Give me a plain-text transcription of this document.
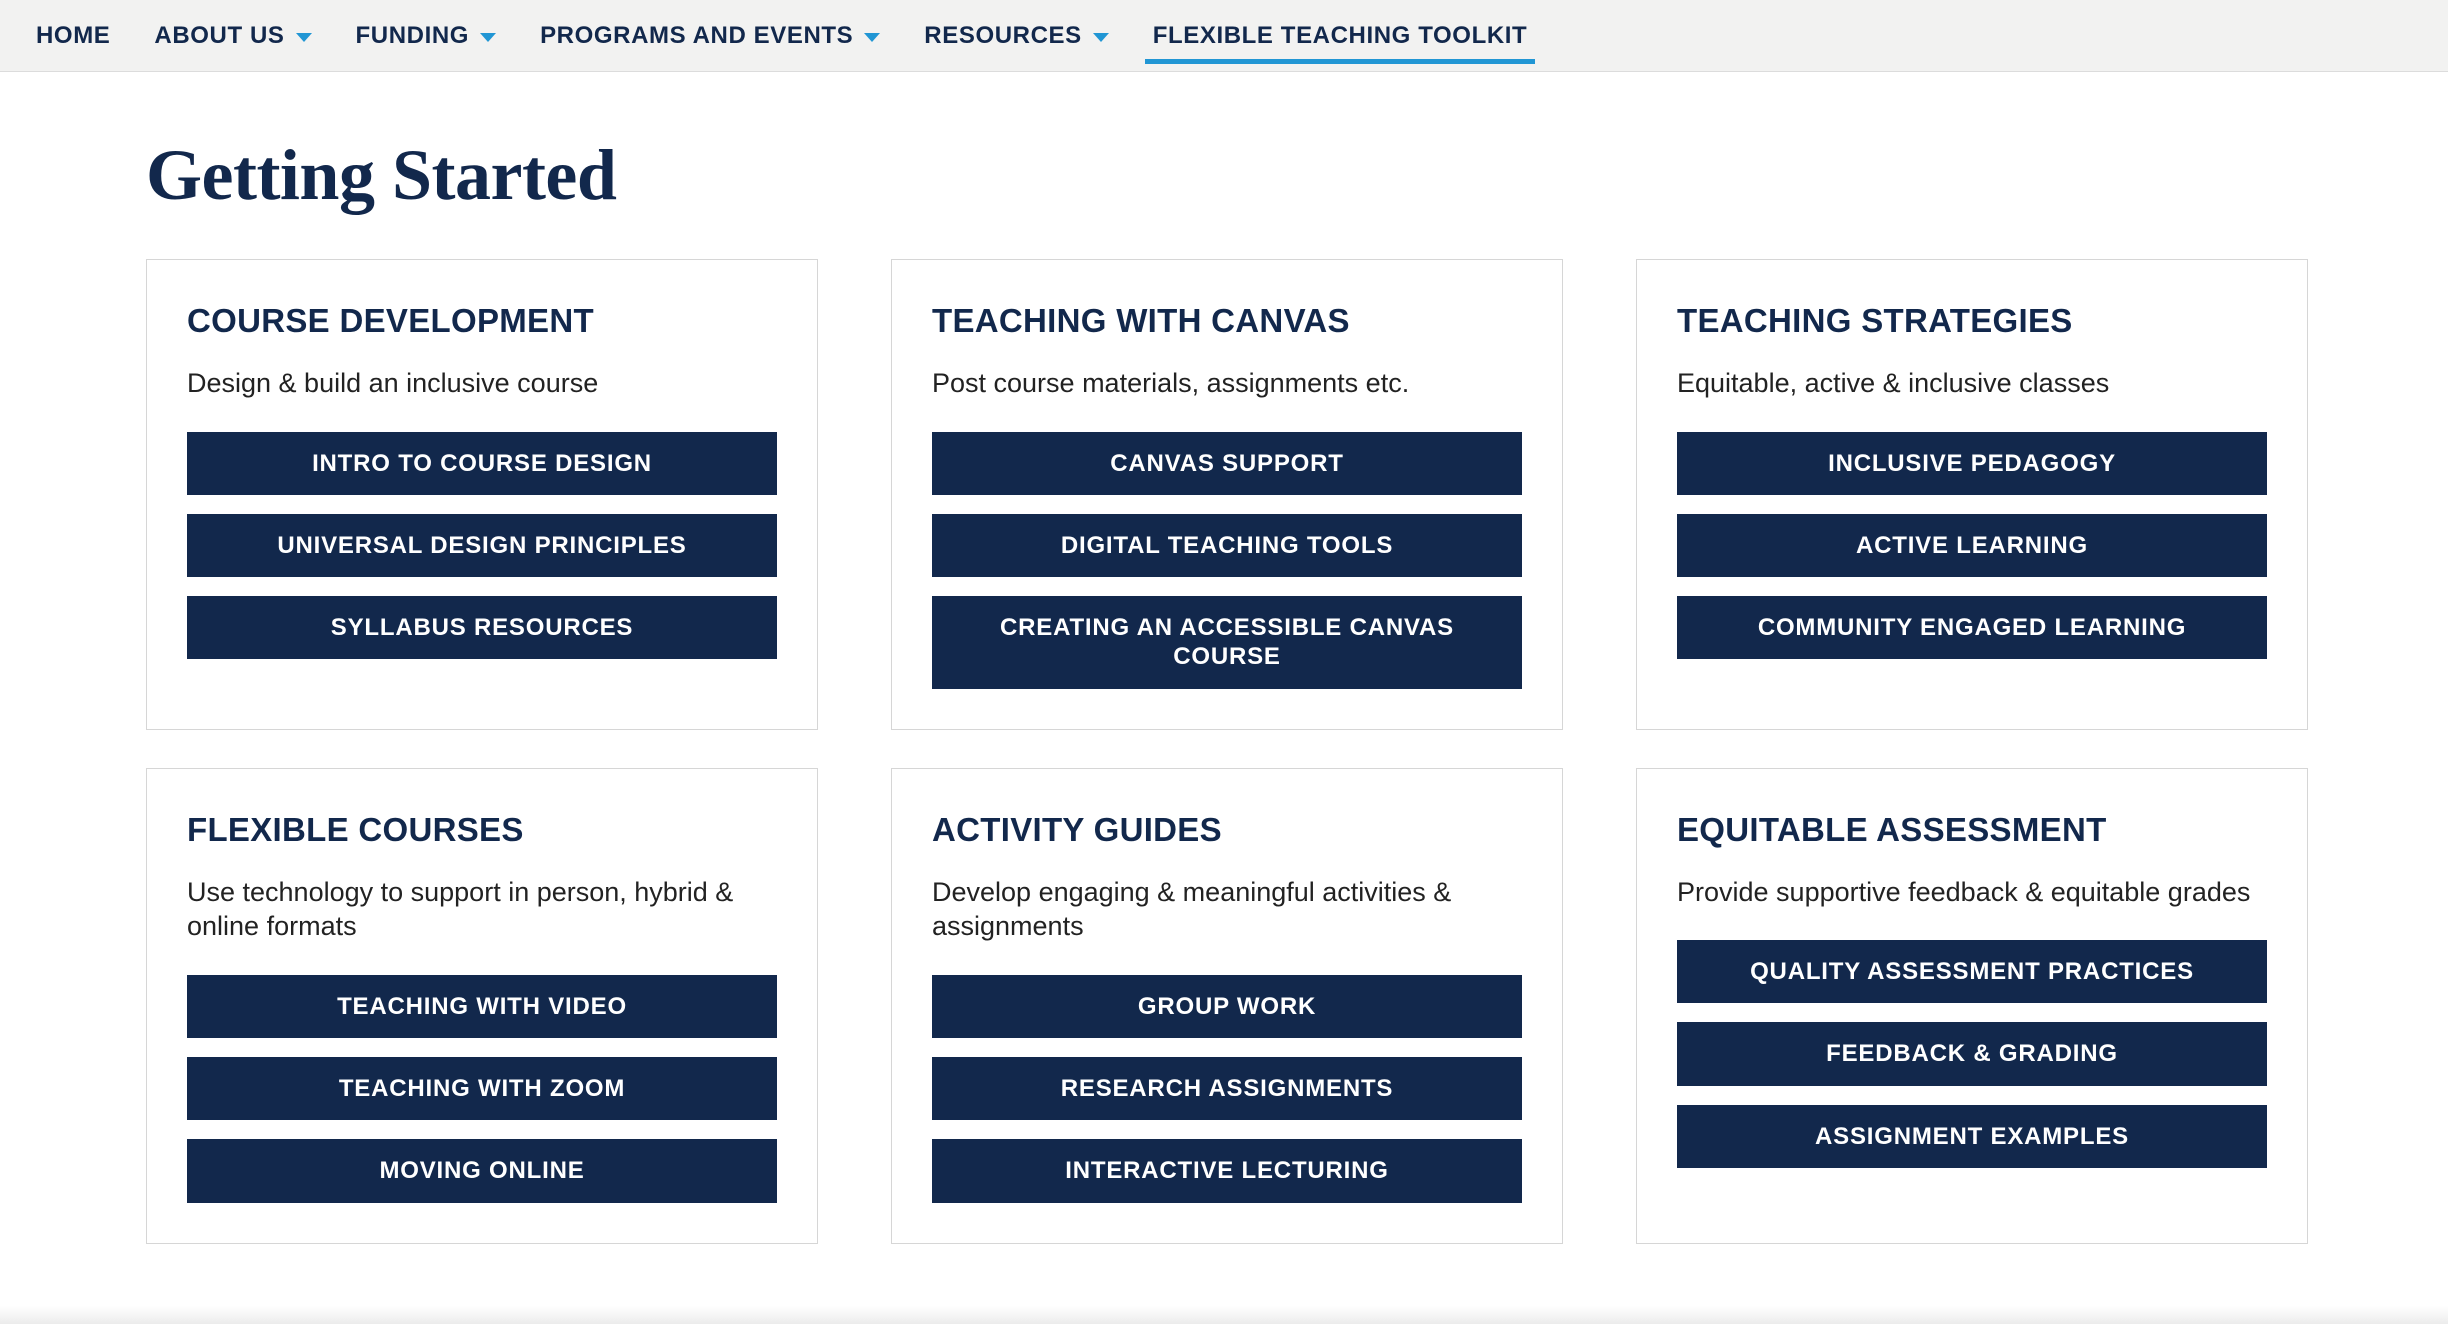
HOME ABOUT US	FUNDING	PROGRAMS AND EVENTS	RESOURCES	FLEXIBLE TEACHING TOOLKIT
Getting Started
COURSE DEVELOPMENT
Design & build an inclusive course
INTRO TO COURSE DESIGN
UNIVERSAL DESIGN PRINCIPLES
SYLLABUS RESOURCES
TEACHING WITH CANVAS
Post course materials, assignments etc.
CANVAS SUPPORT
DIGITAL TEACHING TOOLS
CREATING AN ACCESSIBLE CANVAS COURSE
TEACHING STRATEGIES
Equitable, active & inclusive classes
INCLUSIVE PEDAGOGY
ACTIVE LEARNING
COMMUNITY ENGAGED LEARNING
FLEXIBLE COURSES
Use technology to support in person, hybrid & online formats
TEACHING WITH VIDEO
TEACHING WITH ZOOM
MOVING ONLINE
ACTIVITY GUIDES
Develop engaging & meaningful activities & assignments
GROUP WORK
RESEARCH ASSIGNMENTS
INTERACTIVE LECTURING
EQUITABLE ASSESSMENT
Provide supportive feedback & equitable grades
QUALITY ASSESSMENT PRACTICES
FEEDBACK & GRADING
ASSIGNMENT EXAMPLES
